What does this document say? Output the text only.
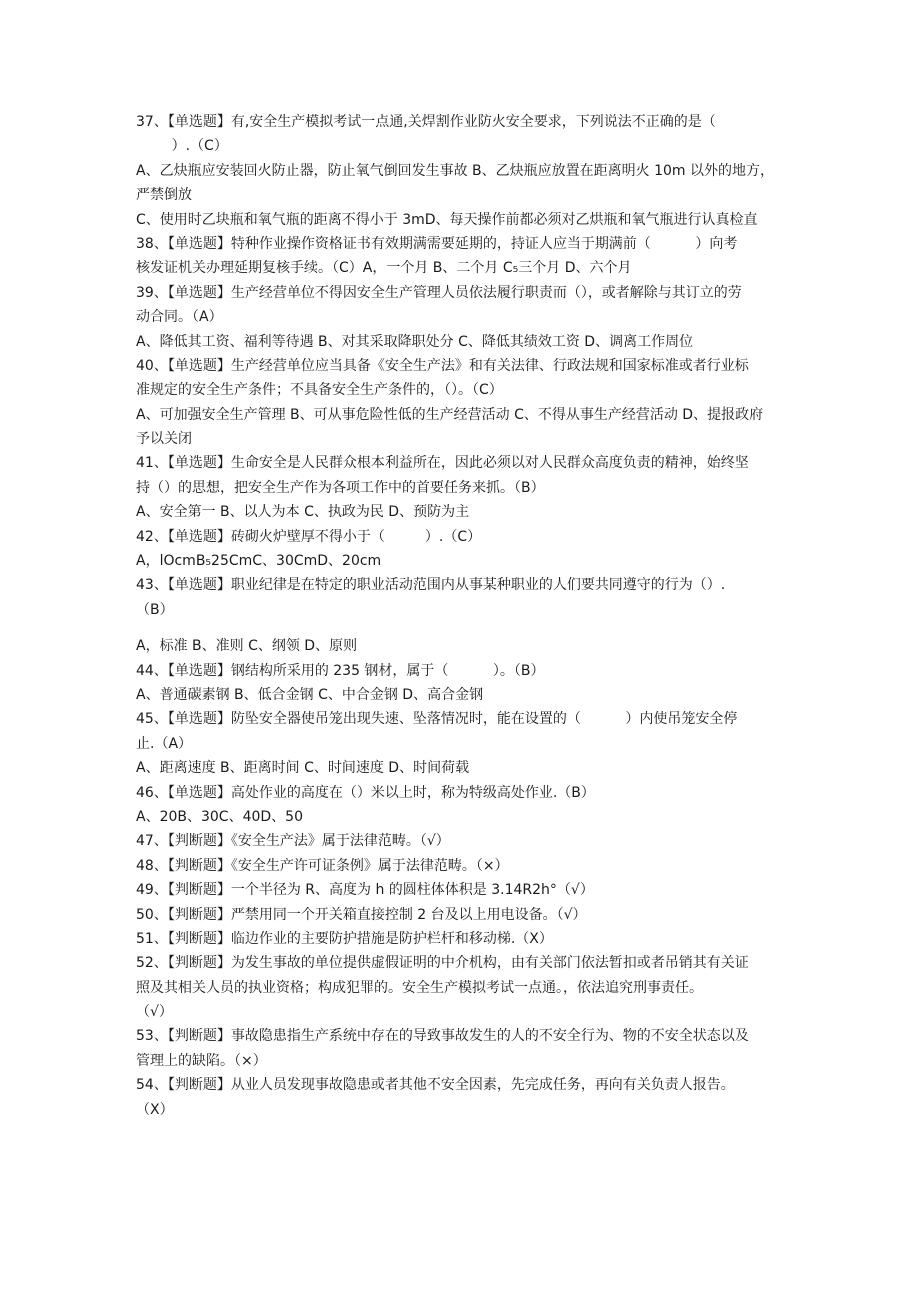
37、【单选题】有,安全生产模拟考试一点通,关焊割作业防火安全要求，下列说法不正确的是（
）.（C）
A、乙炔瓶应安装回火防止器，防止氧气倒回发生事故 B、乙炔瓶应放置在距离明火 10m 以外的地方，
严禁倒放
C、使用时乙块瓶和氧气瓶的距离不得小于 3mD、每天操作前都必须对乙烘瓶和氧气瓶进行认真检直
38、【单选题】特种作业操作资格证书有效期满需要延期的，持证人应当于期满前（          ）向考
核发证机关办理延期复核手续。（C）A，一个月 B、二个月 C₅三个月 D、六个月
39、【单选题】生产经营单位不得因安全生产管理人员依法履行职责而（），或者解除与其订立的劳
动合同。（A）
A、降低其工资、福利等待遇 B、对其采取降职处分 C、降低其绩效工资 D、调离工作周位
40、【单选题】生产经营单位应当具备《安全生产法》和有关法律、行政法规和国家标准或者行业标
准规定的安全生产条件；不具备安全生产条件的，（）。（C）
A、可加强安全生产管理 B、可从事危险性低的生产经营活动 C、不得从事生产经营活动 D、提报政府
予以关闭
41、【单选题】生命安全是人民群众根本利益所在，因此必须以对人民群众高度负责的精神，始终坚
持（）的思想，把安全生产作为各项工作中的首要任务来抓。（B）
A、安全第一 B、以人为本 C、执政为民 D、预防为主
42、【单选题】砖砌火炉壁厚不得小于（         ）.（C）
A，lOcmB₅25CmC、30CmD、20cm
43、【单选题】职业纪律是在特定的职业活动范围内从事某种职业的人们要共同遵守的行为（）.
（B）
A，标准 B、准则 C、纲领 D、原则
44、【单选题】钢结构所采用的 235 钢材，属于（          ）。（B）
A、普通碳素钢 B、低合金钢 C、中合金钢 D、高合金钢
45、【单选题】防坠安全器使吊笼出现失速、坠落情况时，能在设置的（          ）内使吊笼安全停
止.（A）
A、距离速度 B、距离时间 C、时间速度 D、时间荷载
46、【单选题】高处作业的高度在（）米以上时，称为特级高处作业.（B）
A、20B、30C、40D、50
47、【判断题】《安全生产法》属于法律范畴。（√）
48、【判断题】《安全生产许可证条例》属于法律范畴。（×）
49、【判断题】一个半径为 R、高度为 h 的圆柱体体积是 3.14R2h°（√）
50、【判断题】严禁用同一个开关箱直接控制 2 台及以上用电设备。（√）
51、【判断题】临边作业的主要防护措施是防护栏杆和移动梯.（X）
52、【判断题】为发生事故的单位提供虚假证明的中介机构，由有关部门依法暂扣或者吊销其有关证
照及其相关人员的执业资格；构成犯罪的。安全生产模拟考试一点通。，依法追究刑事责任。
（√）
53、【判断题】事故隐患指生产系统中存在的导致事故发生的人的不安全行为、物的不安全状态以及
管理上的缺陷。（×）
54、【判断题】从业人员发现事故隐患或者其他不安全因素，先完成任务，再向有关负责人报告。
（X）
